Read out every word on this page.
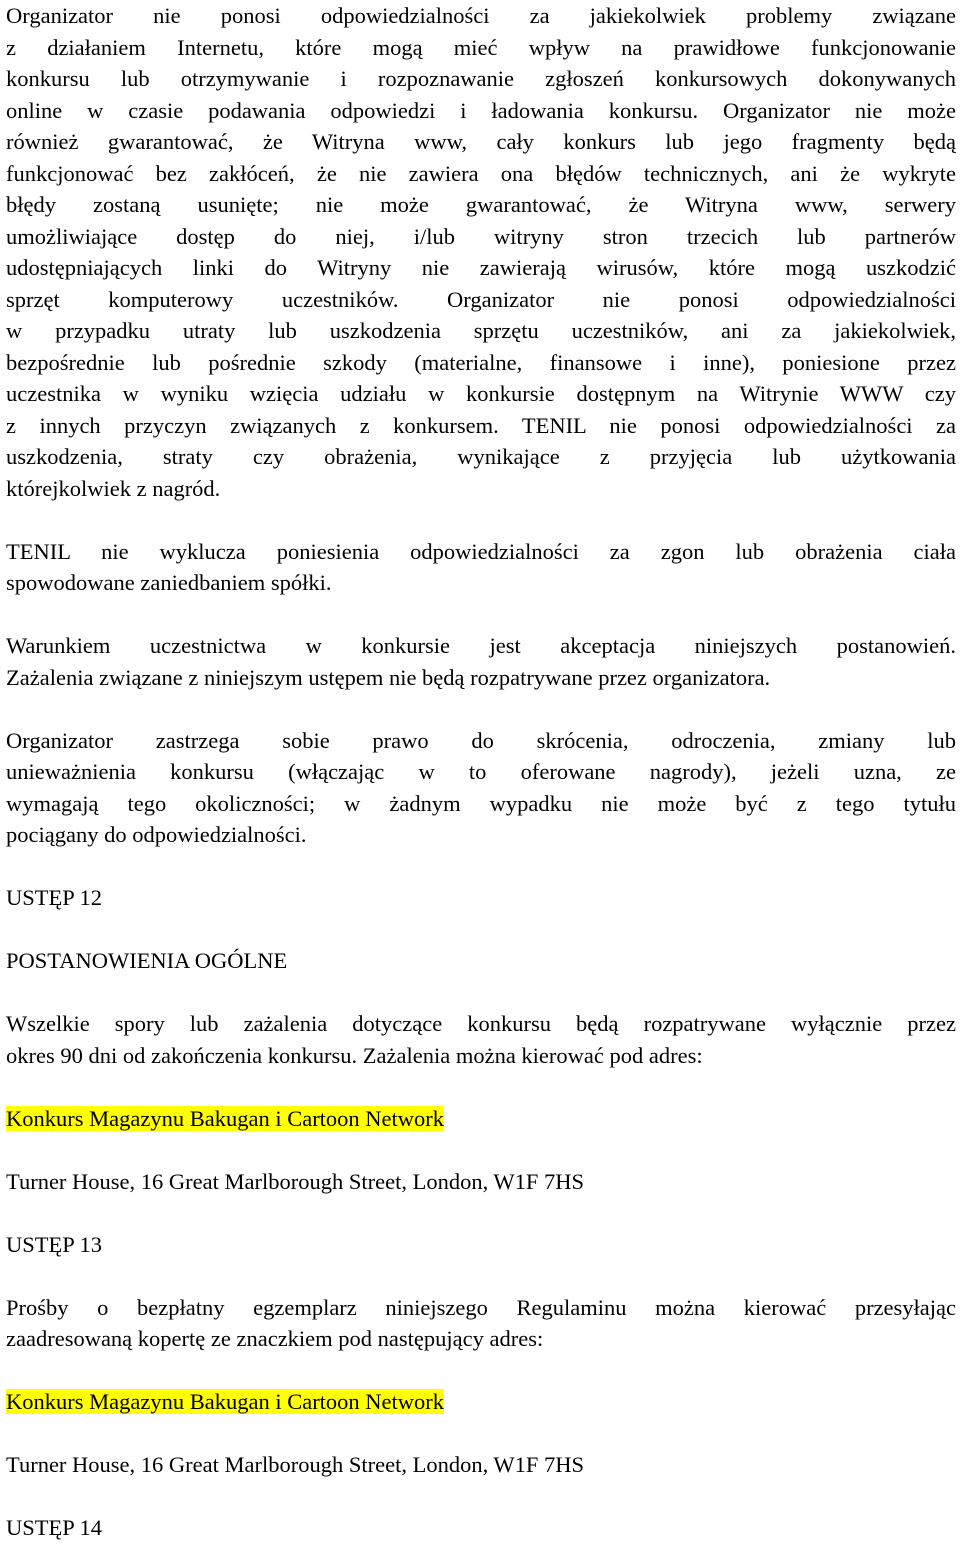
Organizator nie ponosi odpowiedzialności za jakiekolwiek problemy związane
z działaniem Internetu, które mogą mieć wpływ na prawidłowe funkcjonowanie
konkursu lub otrzymywanie i rozpoznawanie zgłoszeń konkursowych dokonywanych
online w czasie podawania odpowiedzi i ładowania konkursu. Organizator nie może
również gwarantować, że Witryna www, cały konkurs lub jego fragmenty będą
funkcjonować bez zakłóceń, że nie zawiera ona błędów technicznych, ani że wykryte
błędy zostaną usunięte; nie może gwarantować, że Witryna www, serwery
umożliwiające dostęp do niej, i/lub witryny stron trzecich lub partnerów
udostępniających linki do Witryny nie zawierają wirusów, które mogą uszkodzić
sprzęt komputerowy uczestników. Organizator nie ponosi odpowiedzialności
w przypadku utraty lub uszkodzenia sprzętu uczestników, ani za jakiekolwiek,
bezpośrednie lub pośrednie szkody (materialne, finansowe i inne), poniesione przez
uczestnika w wyniku wzięcia udziału w konkursie dostępnym na Witrynie WWW czy
z innych przyczyn związanych z konkursem. TENIL nie ponosi odpowiedzialności za
uszkodzenia, straty czy obrażenia, wynikające z przyjęcia lub użytkowania
którejkolwiek z nagród.
TENIL nie wyklucza poniesienia odpowiedzialności za zgon lub obrażenia ciała
spowodowane zaniedbaniem spółki.
Warunkiem uczestnictwa w konkursie jest akceptacja niniejszych postanowień.
Zażalenia związane z niniejszym ustępem nie będą rozpatrywane przez organizatora.
Organizator zastrzega sobie prawo do skrócenia, odroczenia, zmiany lub
unieważnienia konkursu (włączając w to oferowane nagrody), jeżeli uzna, ze
wymagają tego okoliczności; w żadnym wypadku nie może być z tego tytułu
pociągany do odpowiedzialności.
USTĘP 12
POSTANOWIENIA OGÓLNE
Wszelkie spory lub zażalenia dotyczące konkursu będą rozpatrywane wyłącznie przez
okres 90 dni od zakończenia konkursu. Zażalenia można kierować pod adres:
Konkurs Magazynu Bakugan i Cartoon Network
Turner House, 16 Great Marlborough Street, London, W1F 7HS
USTĘP 13
Prośby o bezpłatny egzemplarz niniejszego Regulaminu można kierować przesyłając
zaadresowaną kopertę ze znaczkiem pod następujący adres:
Konkurs Magazynu Bakugan i Cartoon Network
Turner House, 16 Great Marlborough Street, London, W1F 7HS
USTĘP 14
